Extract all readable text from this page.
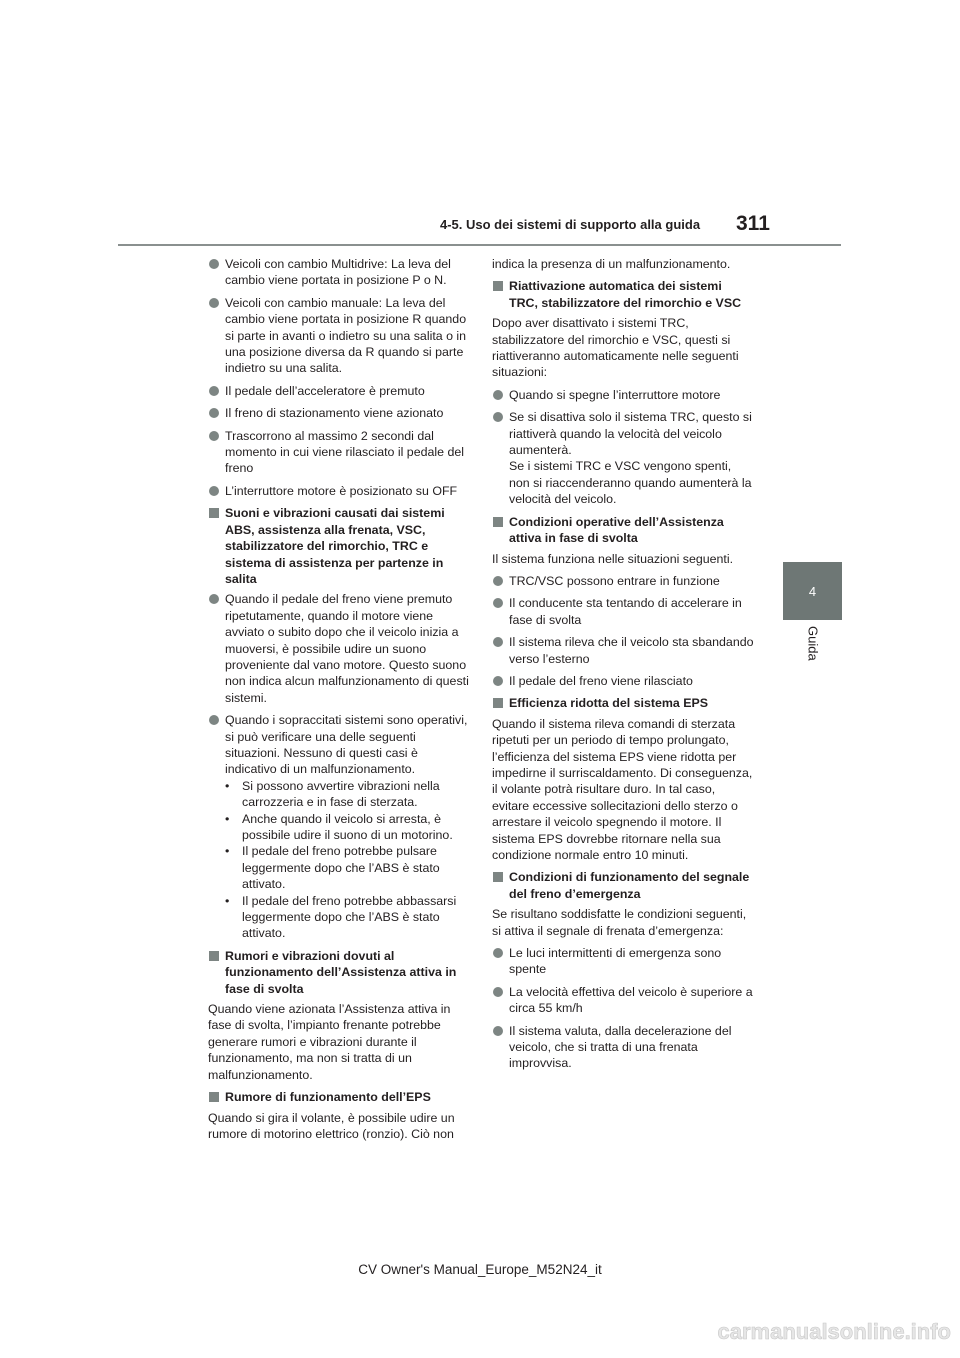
4-5. Uso dei sistemi di supporto alla guida 311
4
Guida
Veicoli con cambio Multidrive: La leva del cambio viene portata in posizione P o N.
Veicoli con cambio manuale: La leva del cambio viene portata in posizione R quando si parte in avanti o indietro su una salita o in una posizione diversa da R quando si parte indietro su una salita.
Il pedale dell’acceleratore è premuto
Il freno di stazionamento viene azionato
Trascorrono al massimo 2 secondi dal momento in cui viene rilasciato il pedale del freno
L’interruttore motore è posizionato su OFF
Suoni e vibrazioni causati dai sistemi ABS, assistenza alla frenata, VSC, stabilizzatore del rimorchio, TRC e sistema di assistenza per partenze in salita
Quando il pedale del freno viene premuto ripetutamente, quando il motore viene avviato o subito dopo che il veicolo inizia a muoversi, è possibile udire un suono proveniente dal vano motore. Questo suono non indica alcun malfunzionamento di questi sistemi.
Quando i sopraccitati sistemi sono operativi, si può verificare una delle seguenti situazioni. Nessuno di questi casi è indicativo di un malfunzionamento.
• Si possono avvertire vibrazioni nella carrozzeria e in fase di sterzata.
• Anche quando il veicolo si arresta, è possibile udire il suono di un motorino.
• Il pedale del freno potrebbe pulsare leggermente dopo che l’ABS è stato attivato.
• Il pedale del freno potrebbe abbassarsi leggermente dopo che l’ABS è stato attivato.
Rumori e vibrazioni dovuti al funzionamento dell’Assistenza attiva in fase di svolta
Quando viene azionata l’Assistenza attiva in fase di svolta, l’impianto frenante potrebbe generare rumori e vibrazioni durante il funzionamento, ma non si tratta di un malfunzionamento.
Rumore di funzionamento dell’EPS
Quando si gira il volante, è possibile udire un rumore di motorino elettrico (ronzio). Ciò non
indica la presenza di un malfunzionamento.
Riattivazione automatica dei sistemi TRC, stabilizzatore del rimorchio e VSC
Dopo aver disattivato i sistemi TRC, stabilizzatore del rimorchio e VSC, questi si riattiveranno automaticamente nelle seguenti situazioni:
Quando si spegne l’interruttore motore
Se si disattiva solo il sistema TRC, questo si riattiverà quando la velocità del veicolo aumenterà.
Se i sistemi TRC e VSC vengono spenti, non si riaccenderanno quando aumenterà la velocità del veicolo.
Condizioni operative dell’Assistenza attiva in fase di svolta
Il sistema funziona nelle situazioni seguenti.
TRC/VSC possono entrare in funzione
Il conducente sta tentando di accelerare in fase di svolta
Il sistema rileva che il veicolo sta sbandando verso l’esterno
Il pedale del freno viene rilasciato
Efficienza ridotta del sistema EPS
Quando il sistema rileva comandi di sterzata ripetuti per un periodo di tempo prolungato, l’efficienza del sistema EPS viene ridotta per impedirne il surriscaldamento. Di conseguenza, il volante potrà risultare duro. In tal caso, evitare eccessive sollecitazioni dello sterzo o arrestare il veicolo spegnendo il motore. Il sistema EPS dovrebbe ritornare nella sua condizione normale entro 10 minuti.
Condizioni di funzionamento del segnale del freno d’emergenza
Se risultano soddisfatte le condizioni seguenti, si attiva il segnale di frenata d’emergenza:
Le luci intermittenti di emergenza sono spente
La velocità effettiva del veicolo è superiore a circa 55 km/h
Il sistema valuta, dalla decelerazione del veicolo, che si tratta di una frenata improvvisa.
CV Owner's Manual_Europe_M52N24_it
carmanualsonline.info
